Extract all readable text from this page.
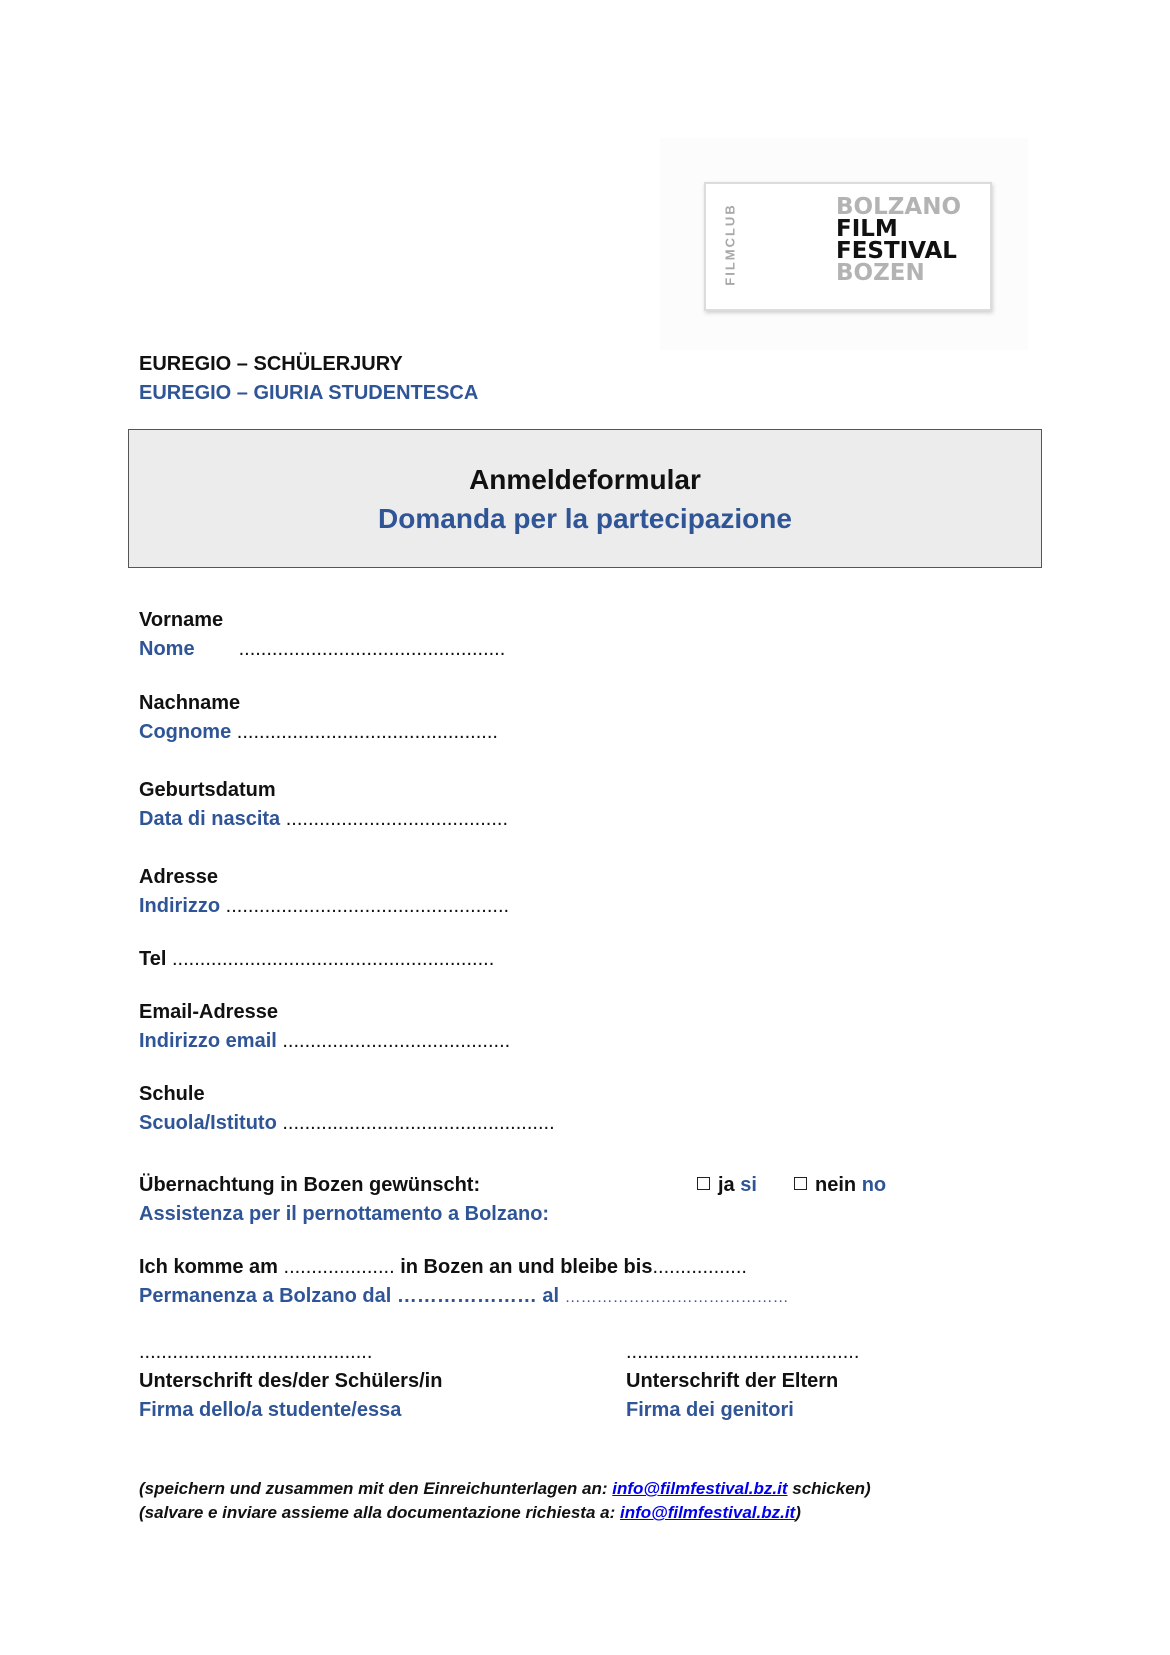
FILMCLUB	BOLZANO
FILM
FESTIVAL
BOZEN
EUREGIO – SCHÜLERJURY
EUREGIO – GIURIA STUDENTESCA
Anmeldeformular
Domanda per la partecipazione
Vorname
Nome ................................................
Nachname
Cognome ...............................................
Geburtsdatum
Data di nascita ........................................
Adresse
Indirizzo ...................................................
Tel ..........................................................
Email-Adresse
Indirizzo email .........................................
Schule
Scuola/Istituto .................................................
Übernachtung in Bozen gewünscht:
Assistenza per il pernottamento a Bolzano:
ja si	nein no
Ich komme am .................... in Bozen an und bleibe bis.................
Permanenza a Bolzano dal ………………… al ……………………………………
..........................................
Unterschrift des/der Schülers/in
Firma dello/a studente/essa
..........................................
Unterschrift der Eltern
Firma dei genitori
(speichern und zusammen mit den Einreichunterlagen an: info@filmfestival.bz.it schicken)
(salvare e inviare assieme alla documentazione richiesta a: info@filmfestival.bz.it)
